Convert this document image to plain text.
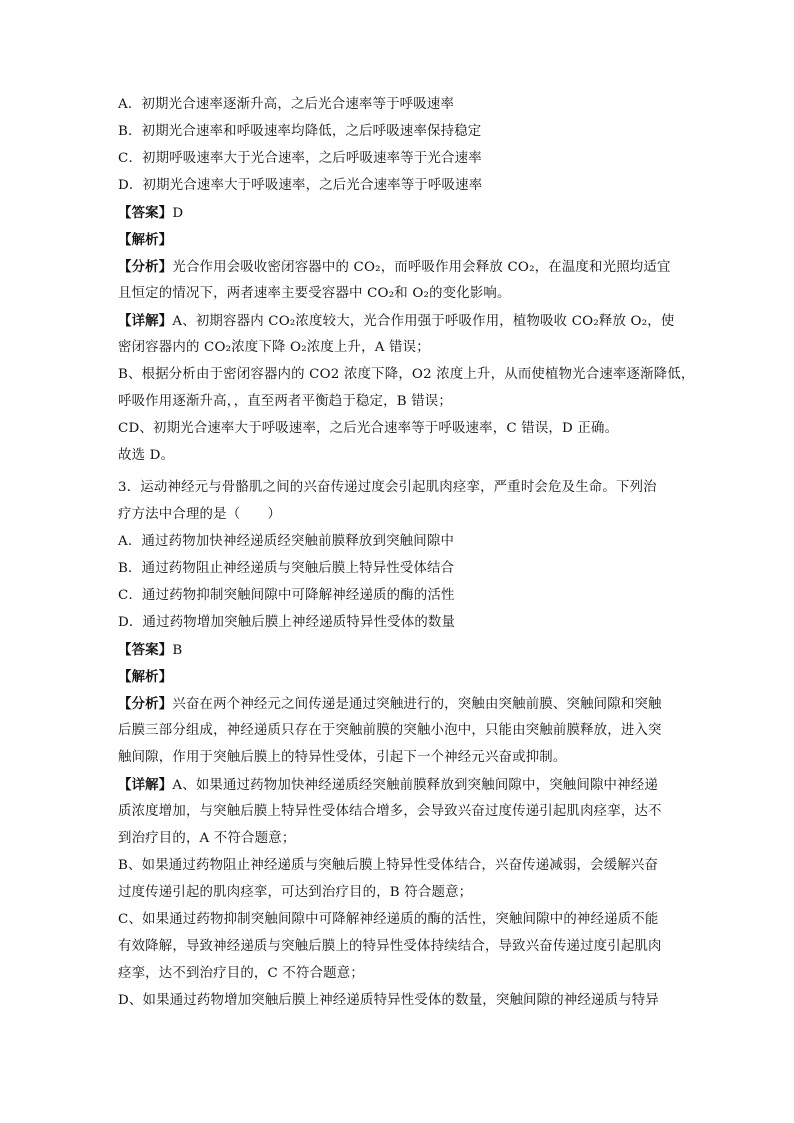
A．初期光合速率逐渐升高，之后光合速率等于呼吸速率
B．初期光合速率和呼吸速率均降低，之后呼吸速率保持稳定
C．初期呼吸速率大于光合速率，之后呼吸速率等于光合速率
D．初期光合速率大于呼吸速率，之后光合速率等于呼吸速率
【答案】D
【解析】
【分析】光合作用会吸收密闭容器中的 CO₂，而呼吸作用会释放 CO₂，在温度和光照均适宜
且恒定的情况下，两者速率主要受容器中 CO₂和 O₂的变化影响。
【详解】A、初期容器内 CO₂浓度较大，光合作用强于呼吸作用，植物吸收 CO₂释放 O₂，使
密闭容器内的 CO₂浓度下降 O₂浓度上升，A 错误；
B、根据分析由于密闭容器内的 CO2 浓度下降，O2 浓度上升，从而使植物光合速率逐渐降低，
呼吸作用逐渐升高，，直至两者平衡趋于稳定，B 错误；
CD、初期光合速率大于呼吸速率，之后光合速率等于呼吸速率，C 错误，D 正确。
故选 D。
3．运动神经元与骨骼肌之间的兴奋传递过度会引起肌肉痉挛，严重时会危及生命。下列治
疗方法中合理的是（　　）
A．通过药物加快神经递质经突触前膜释放到突触间隙中
B．通过药物阻止神经递质与突触后膜上特异性受体结合
C．通过药物抑制突触间隙中可降解神经递质的酶的活性
D．通过药物增加突触后膜上神经递质特异性受体的数量
【答案】B
【解析】
【分析】兴奋在两个神经元之间传递是通过突触进行的，突触由突触前膜、突触间隙和突触
后膜三部分组成，神经递质只存在于突触前膜的突触小泡中，只能由突触前膜释放，进入突
触间隙，作用于突触后膜上的特异性受体，引起下一个神经元兴奋或抑制。
【详解】A、如果通过药物加快神经递质经突触前膜释放到突触间隙中，突触间隙中神经递
质浓度增加，与突触后膜上特异性受体结合增多，会导致兴奋过度传递引起肌肉痉挛，达不
到治疗目的，A 不符合题意；
B、如果通过药物阻止神经递质与突触后膜上特异性受体结合，兴奋传递减弱，会缓解兴奋
过度传递引起的肌肉痉挛，可达到治疗目的，B 符合题意；
C、如果通过药物抑制突触间隙中可降解神经递质的酶的活性，突触间隙中的神经递质不能
有效降解，导致神经递质与突触后膜上的特异性受体持续结合，导致兴奋传递过度引起肌肉
痉挛，达不到治疗目的，C 不符合题意；
D、如果通过药物增加突触后膜上神经递质特异性受体的数量，突触间隙的神经递质与特异
